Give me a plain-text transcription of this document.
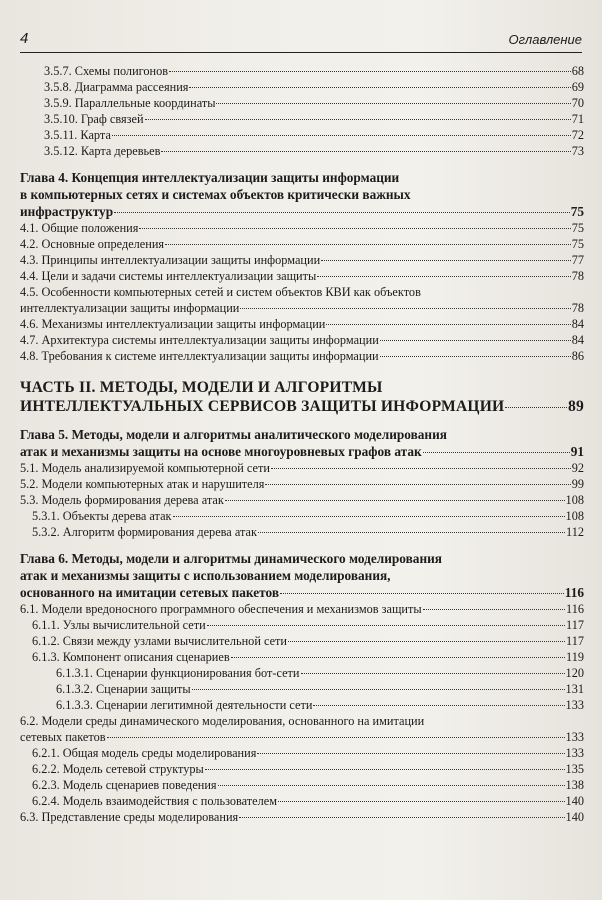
4	Оглавление
3.5.7. Схемы полигонов	68
3.5.8. Диаграмма рассеяния	69
3.5.9. Параллельные координаты	70
3.5.10. Граф связей	71
3.5.11. Карта	72
3.5.12. Карта деревьев	73
Глава 4. Концепция интеллектуализации защиты информации
в компьютерных сетях и системах объектов критически важных
инфраструктур	75
4.1. Общие положения	75
4.2. Основные определения	75
4.3. Принципы интеллектуализации защиты информации	77
4.4. Цели и задачи системы интеллектуализации защиты	78
4.5. Особенности компьютерных сетей и систем объектов КВИ как объектов
интеллектуализации защиты информации	78
4.6. Механизмы интеллектуализации защиты информации	84
4.7. Архитектура системы интеллектуализации защиты информации	84
4.8. Требования к системе интеллектуализации защиты информации	86
ЧАСТЬ II. МЕТОДЫ, МОДЕЛИ И АЛГОРИТМЫ
ИНТЕЛЛЕКТУАЛЬНЫХ СЕРВИСОВ ЗАЩИТЫ ИНФОРМАЦИИ	89
Глава 5. Методы, модели и алгоритмы аналитического моделирования
атак и механизмы защиты на основе многоуровневых графов атак	91
5.1. Модель анализируемой компьютерной сети	92
5.2. Модели компьютерных атак и нарушителя	99
5.3. Модель формирования дерева атак	108
5.3.1. Объекты дерева атак	108
5.3.2. Алгоритм формирования дерева атак	112
Глава 6. Методы, модели и алгоритмы динамического моделирования
атак и механизмы защиты с использованием моделирования,
основанного на имитации сетевых пакетов	116
6.1. Модели вредоносного программного обеспечения и механизмов защиты	116
6.1.1. Узлы вычислительной сети	117
6.1.2. Связи между узлами вычислительной сети	117
6.1.3. Компонент описания сценариев	119
6.1.3.1. Сценарии функционирования бот-сети	120
6.1.3.2. Сценарии защиты	131
6.1.3.3. Сценарии легитимной деятельности сети	133
6.2. Модели среды динамического моделирования, основанного на имитации
сетевых пакетов	133
6.2.1. Общая модель среды моделирования	133
6.2.2. Модель сетевой структуры	135
6.2.3. Модель сценариев поведения	138
6.2.4. Модель взаимодействия с пользователем	140
6.3. Представление среды моделирования	140
